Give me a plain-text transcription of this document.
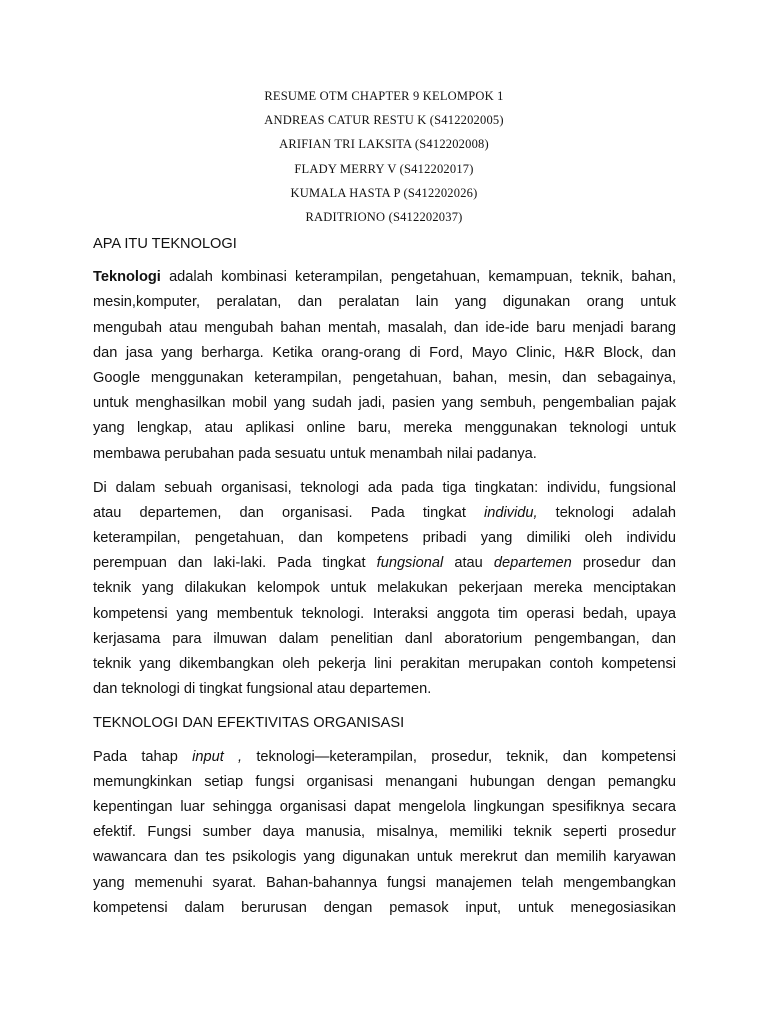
RESUME OTM CHAPTER 9 KELOMPOK 1
ANDREAS CATUR RESTU K (S412202005)
ARIFIAN TRI LAKSITA (S412202008)
FLADY MERRY V (S412202017)
KUMALA HASTA P (S412202026)
RADITRIONO (S412202037)
APA ITU TEKNOLOGI

Teknologi adalah kombinasi keterampilan, pengetahuan, kemampuan, teknik, bahan,
mesin,komputer, peralatan, dan peralatan lain yang digunakan orang untuk
mengubah atau mengubah bahan mentah, masalah, dan ide-ide baru menjadi barang
dan jasa yang berharga. Ketika orang-orang di Ford, Mayo Clinic, H&R Block, dan
Google menggunakan keterampilan, pengetahuan, bahan, mesin, dan sebagainya,
untuk menghasilkan mobil yang sudah jadi, pasien yang sembuh, pengembalian pajak
yang lengkap, atau aplikasi online baru, mereka menggunakan teknologi untuk
membawa perubahan pada sesuatu untuk menambah nilai padanya.

Di dalam sebuah organisasi, teknologi ada pada tiga tingkatan: individu, fungsional
atau departemen, dan organisasi. Pada tingkat individu, teknologi adalah
keterampilan, pengetahuan, dan kompetens pribadi yang dimiliki oleh individu
perempuan dan laki-laki. Pada tingkat fungsional atau departemen prosedur dan
teknik yang dilakukan kelompok untuk melakukan pekerjaan mereka menciptakan
kompetensi yang membentuk teknologi. Interaksi anggota tim operasi bedah, upaya
kerjasama para ilmuwan dalam penelitian danl aboratorium pengembangan, dan
teknik yang dikembangkan oleh pekerja lini perakitan merupakan contoh kompetensi
dan teknologi di tingkat fungsional atau departemen.

TEKNOLOGI DAN EFEKTIVITAS ORGANISASI

Pada tahap input , teknologi—keterampilan, prosedur, teknik, dan kompetensi
memungkinkan setiap fungsi organisasi menangani hubungan dengan pemangku
kepentingan luar sehingga organisasi dapat mengelola lingkungan spesifiknya secara
efektif. Fungsi sumber daya manusia, misalnya, memiliki teknik seperti prosedur
wawancara dan tes psikologis yang digunakan untuk merekrut dan memilih karyawan
yang memenuhi syarat. Bahan-bahannya fungsi manajemen telah mengembangkan
kompetensi dalam berurusan dengan pemasok input, untuk menegosiasikan
